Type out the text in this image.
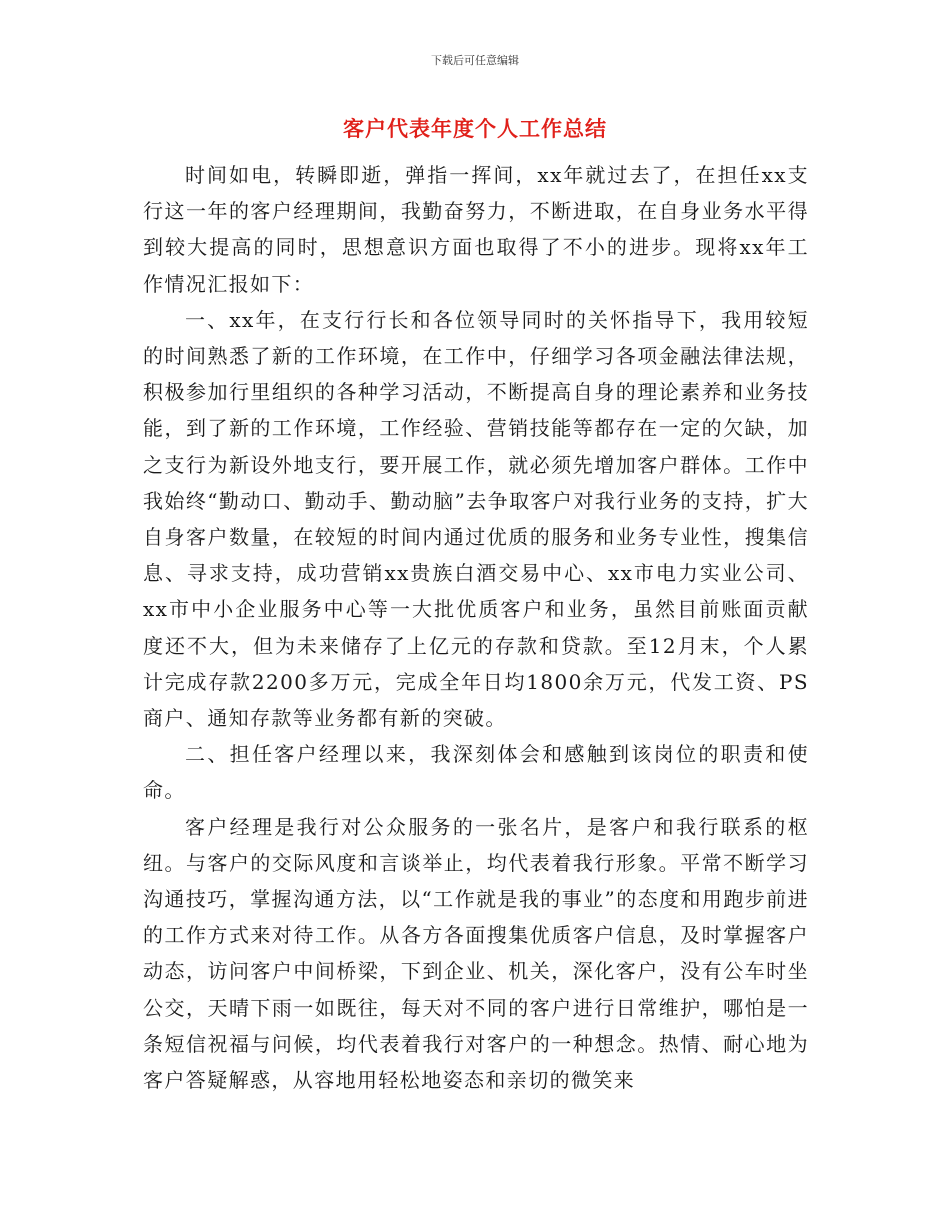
下载后可任意编辑
客户代表年度个人工作总结

时间如电，转瞬即逝，弹指一挥间，xx年就过去了，在担任xx支行这一年的客户经理期间，我勤奋努力，不断进取，在自身业务水平得到较大提高的同时，思想意识方面也取得了不小的进步。现将xx年工作情况汇报如下：

一、xx年，在支行行长和各位领导同时的关怀指导下，我用较短的时间熟悉了新的工作环境，在工作中，仔细学习各项金融法律法规，积极参加行里组织的各种学习活动，不断提高自身的理论素养和业务技能，到了新的工作环境，工作经验、营销技能等都存在一定的欠缺，加之支行为新设外地支行，要开展工作，就必须先增加客户群体。工作中我始终“勤动口、勤动手、勤动脑”去争取客户对我行业务的支持，扩大自身客户数量，在较短的时间内通过优质的服务和业务专业性，搜集信息、寻求支持，成功营销xx贵族白酒交易中心、xx市电力实业公司、xx市中小企业服务中心等一大批优质客户和业务，虽然目前账面贡献度还不大，但为未来储存了上亿元的存款和贷款。至12月末，个人累计完成存款2200多万元，完成全年日均1800余万元，代发工资、PS商户、通知存款等业务都有新的突破。

二、担任客户经理以来，我深刻体会和感触到该岗位的职责和使命。

客户经理是我行对公众服务的一张名片，是客户和我行联系的枢纽。与客户的交际风度和言谈举止，均代表着我行形象。平常不断学习沟通技巧，掌握沟通方法，以“工作就是我的事业”的态度和用跑步前进的工作方式来对待工作。从各方各面搜集优质客户信息，及时掌握客户动态，访问客户中间桥梁，下到企业、机关，深化客户，没有公车时坐公交，天晴下雨一如既往，每天对不同的客户进行日常维护，哪怕是一条短信祝福与问候，均代表着我行对客户的一种想念。热情、耐心地为客户答疑解惑，从容地用轻松地姿态和亲切的微笑来
